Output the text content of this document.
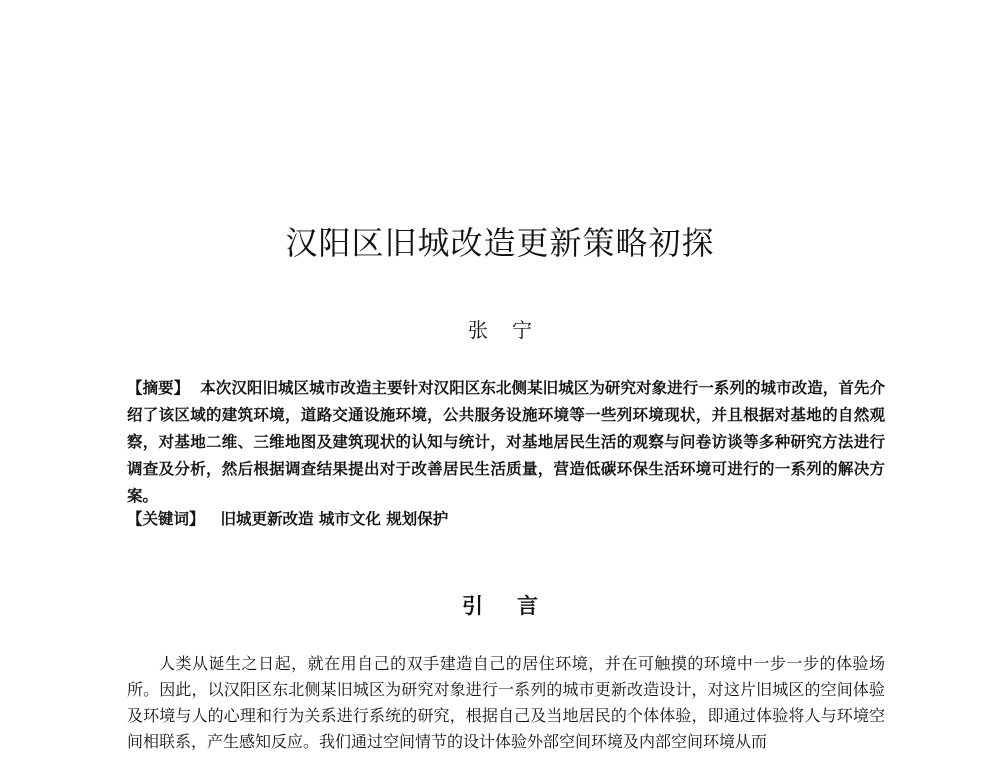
汉阳区旧城改造更新策略初探
张宁

【摘要】 本次汉阳旧城区城市改造主要针对汉阳区东北侧某旧城区为研究对象进行一系列的城市改造，首先介绍了该区域的建筑环境，道路交通设施环境，公共服务设施环境等一些列环境现状，并且根据对基地的自然观察，对基地二维、三维地图及建筑现状的认知与统计，对基地居民生活的观察与问卷访谈等多种研究方法进行调查及分析，然后根据调查结果提出对于改善居民生活质量，营造低碳环保生活环境可进行的一系列的解决方案。

【关键词】 旧城更新改造 城市文化 规划保护

引言

人类从诞生之日起，就在用自己的双手建造自己的居住环境，并在可触摸的环境中一步一步的体验场所。因此，以汉阳区东北侧某旧城区为研究对象进行一系列的城市更新改造设计，对这片旧城区的空间体验及环境与人的心理和行为关系进行系统的研究，根据自己及当地居民的个体体验，即通过体验将人与环境空间相联系，产生感知反应。我们通过空间情节的设计体验外部空间环境及内部空间环境从而
